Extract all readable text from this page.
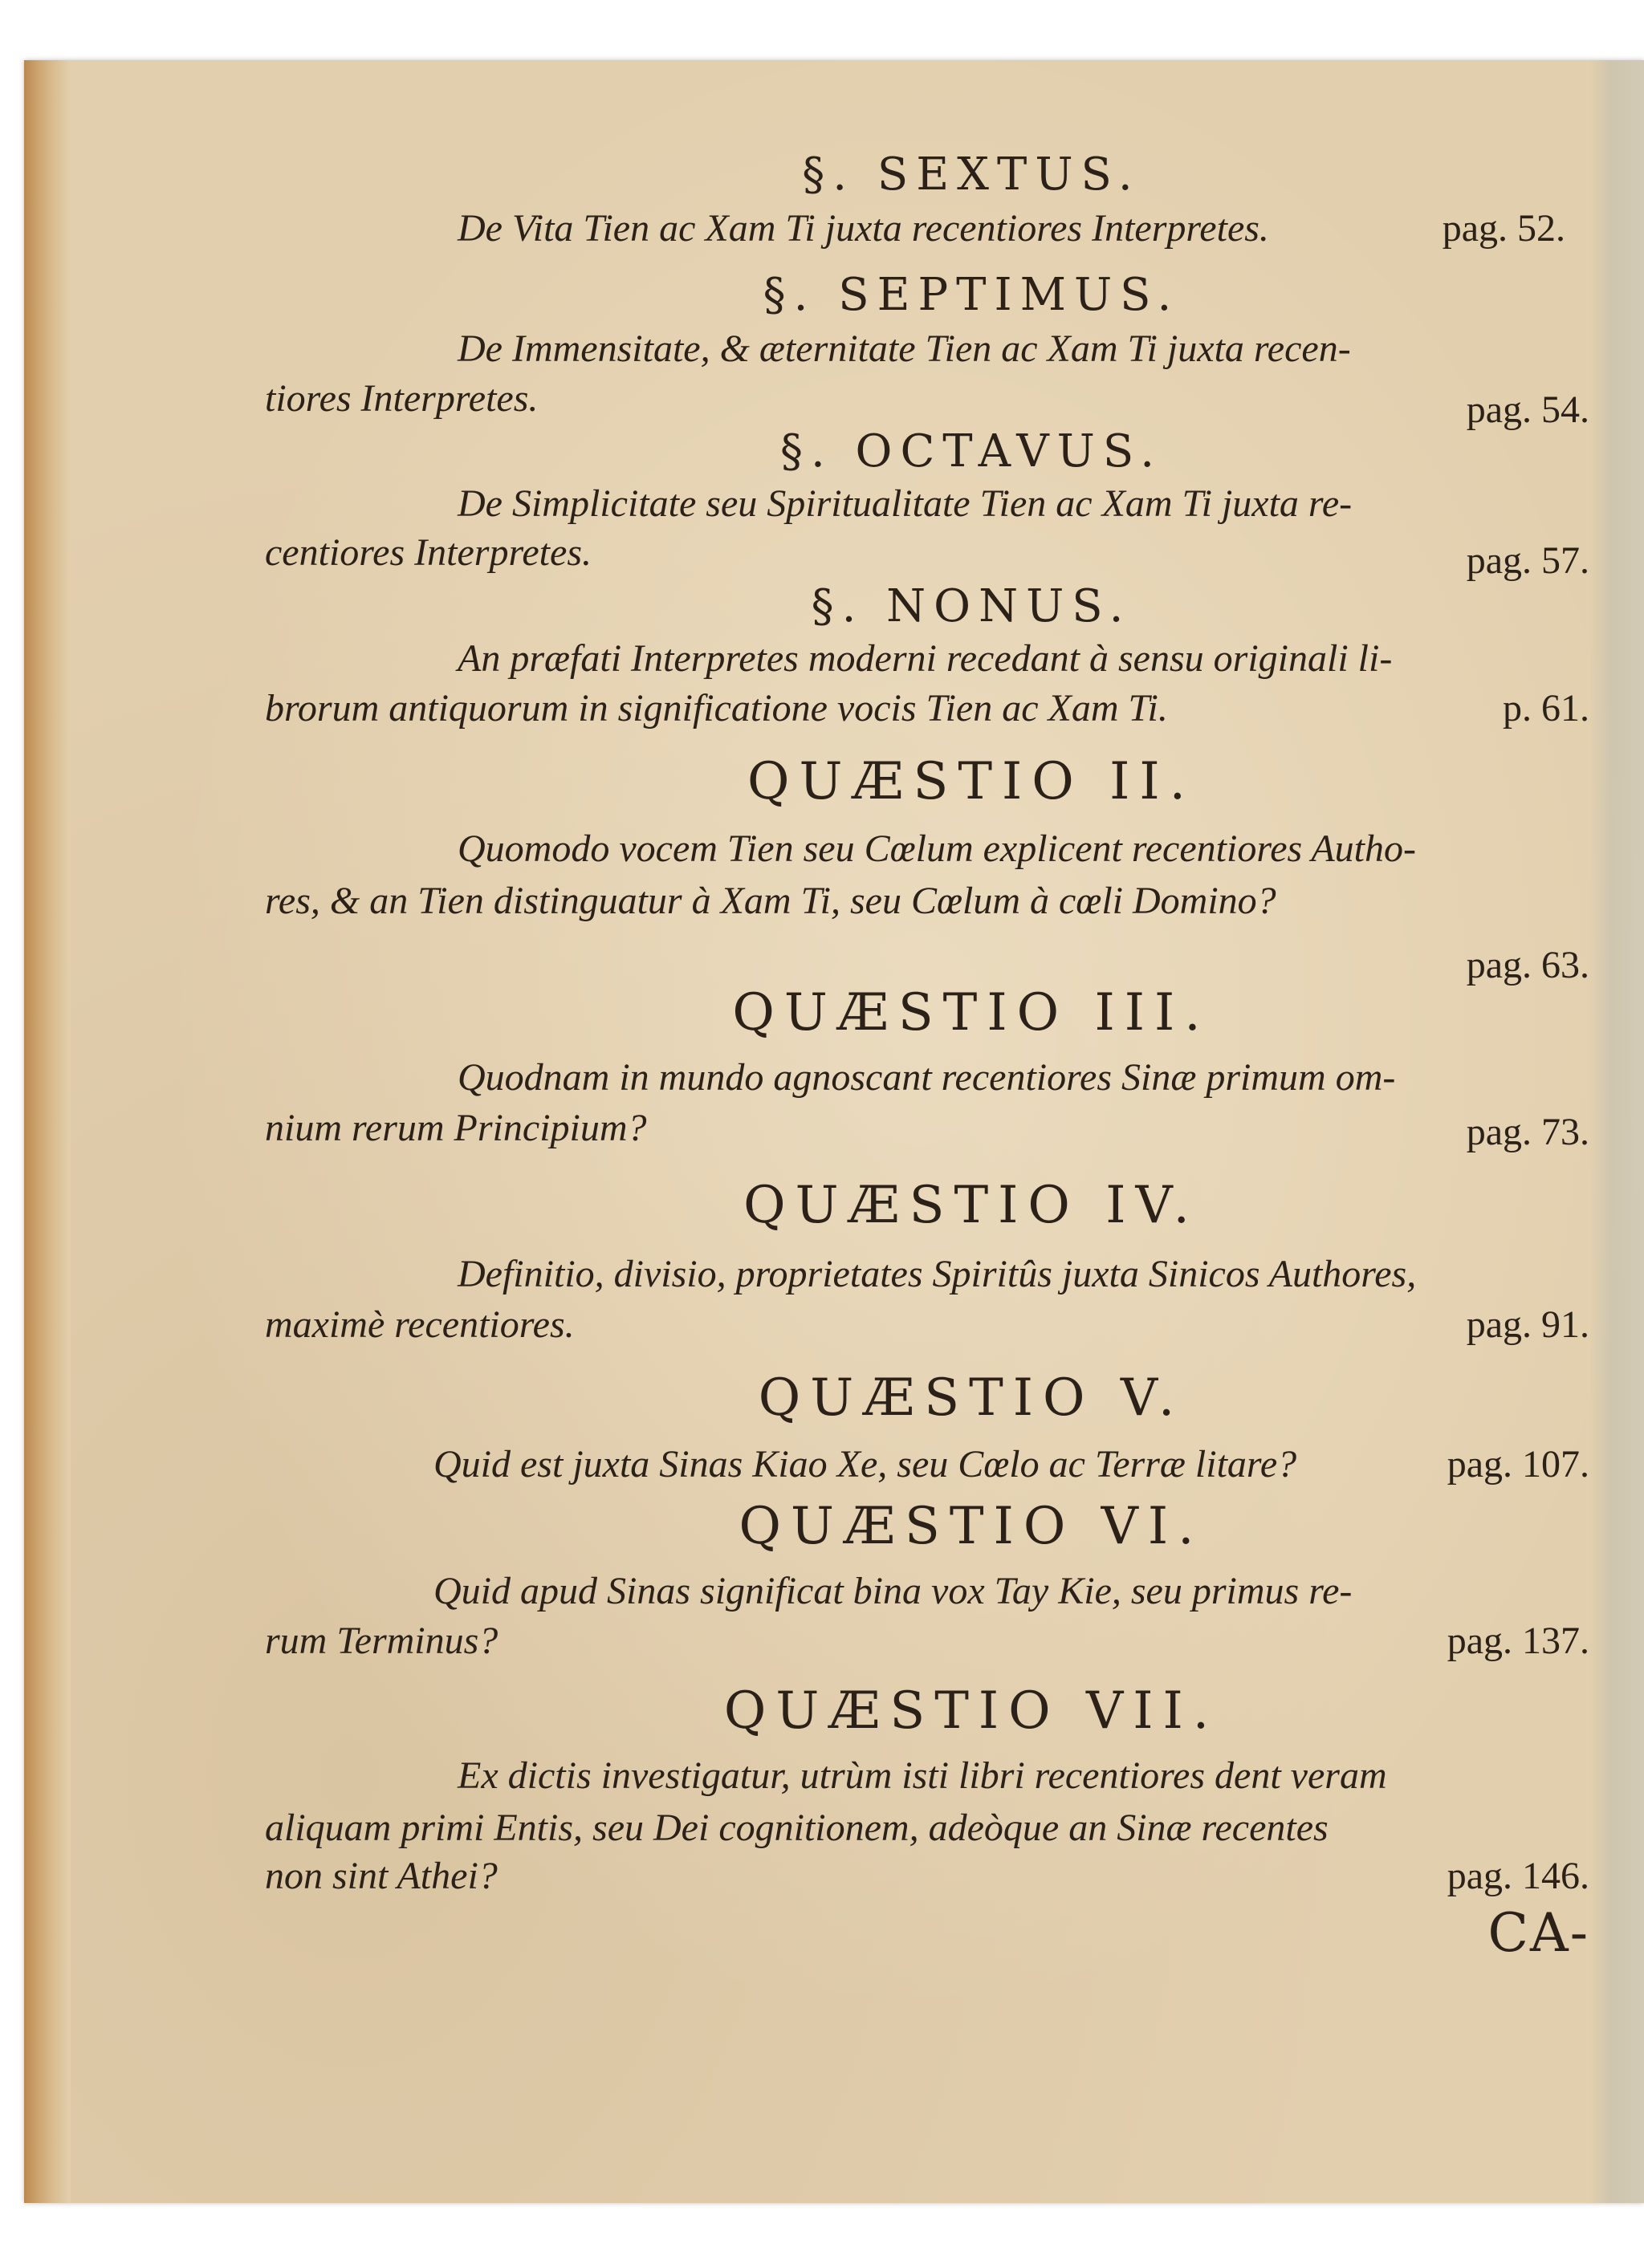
§. SEXTUS.
De Vita Tien ac Xam Ti juxta recentiores Interpretes.	pag. 52.
§. SEPTIMUS.
De Immensitate, & æternitate Tien ac Xam Ti juxta recen-
tiores Interpretes.	pag. 54.
§. OCTAVUS.
De Simplicitate seu Spiritualitate Tien ac Xam Ti juxta re-
centiores Interpretes.	pag. 57.
§. NONUS.
An præfati Interpretes moderni recedant à sensu originali li-
brorum antiquorum in significatione vocis Tien ac Xam Ti.	p. 61.
QUÆSTIO II.
Quomodo vocem Tien seu Cœlum explicent recentiores Autho-
res, & an Tien distinguatur à Xam Ti, seu Cœlum à cœli Domino?
pag. 63.
QUÆSTIO III.
Quodnam in mundo agnoscant recentiores Sinæ primum om-
nium rerum Principium?	pag. 73.
QUÆSTIO IV.
Definitio, divisio, proprietates Spiritûs juxta Sinicos Authores,
maximè recentiores.	pag. 91.
QUÆSTIO V.
Quid est juxta Sinas Kiao Xe, seu Cœlo ac Terræ litare?	pag. 107.
QUÆSTIO VI.
Quid apud Sinas significat bina vox Tay Kie, seu primus re-
rum Terminus?	pag. 137.
QUÆSTIO VII.
Ex dictis investigatur, utrùm isti libri recentiores dent veram
aliquam primi Entis, seu Dei cognitionem, adeòque an Sinæ recentes
non sint Athei?	pag. 146.
CA-
